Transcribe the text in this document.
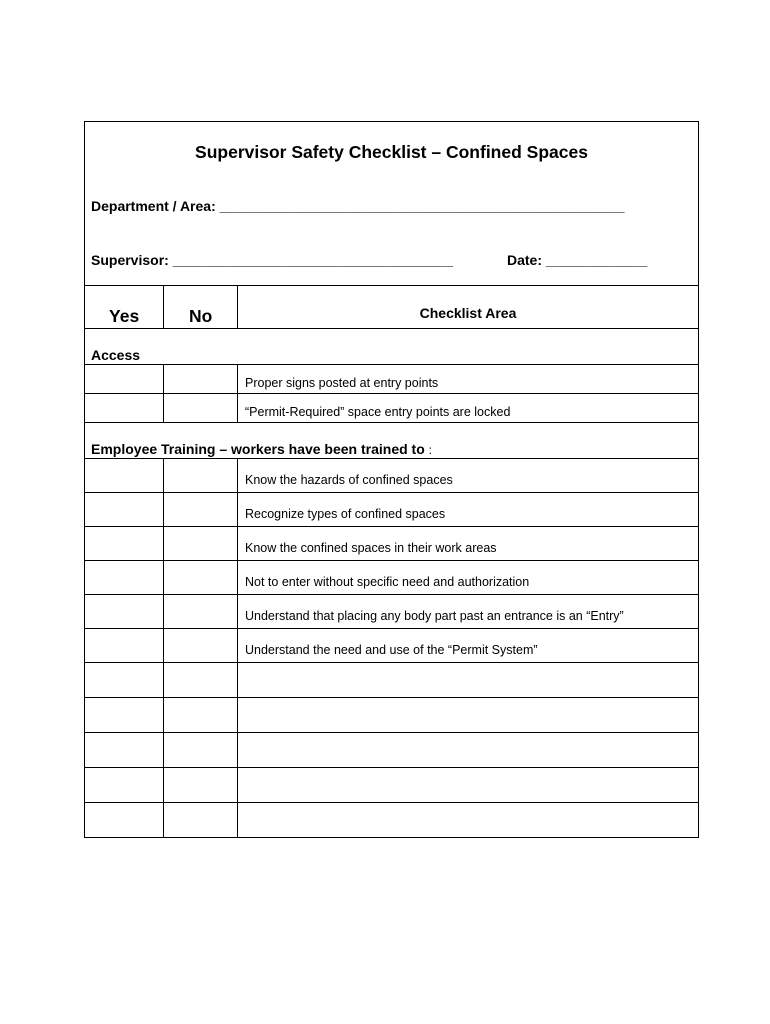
Supervisor Safety Checklist – Confined Spaces
Department / Area: ____________________________________________________
Supervisor: ____________________________________	Date: _____________
Yes	No	Checklist Area
Access		
		Proper signs posted at entry points
		“Permit-Required” space entry points are locked
Employee Training – workers have been trained to :		
		Know the hazards of confined spaces
		Recognize types of confined spaces
		Know the confined spaces in their work areas
		Not to enter without specific need and authorization
		Understand that placing any body part past an entrance is an “Entry”
		Understand the need and use of the “Permit System”
